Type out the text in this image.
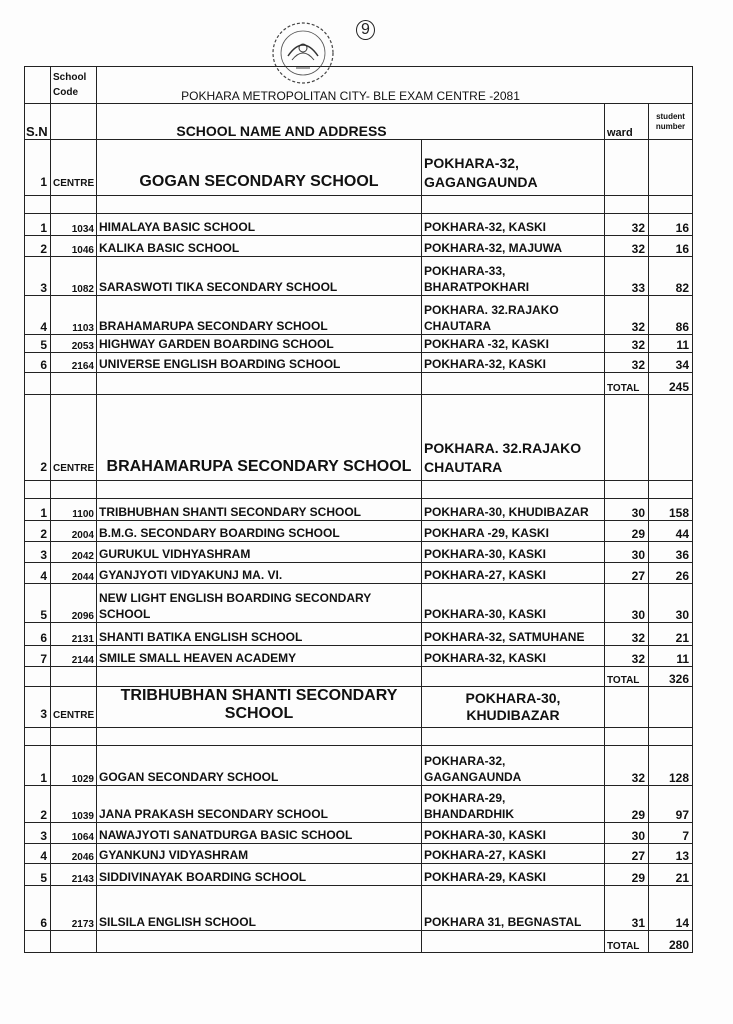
9
	School Code	POKHARA METROPOLITAN CITY- BLE EXAM CENTRE -2081			
S.N		SCHOOL NAME AND ADDRESS		ward	student number
1	CENTRE	GOGAN SECONDARY SCHOOL	POKHARA-32,
GAGANGAUNDA		

1	1034	HIMALAYA BASIC SCHOOL	POKHARA-32, KASKI	32	16
2	1046	KALIKA BASIC SCHOOL	POKHARA-32, MAJUWA	32	16
3	1082	SARASWOTI TIKA SECONDARY SCHOOL	POKHARA-33,
BHARATPOKHARI	33	82
4	1103	BRAHAMARUPA SECONDARY SCHOOL	POKHARA. 32.RAJAKO
CHAUTARA	32	86
5	2053	HIGHWAY GARDEN BOARDING SCHOOL	POKHARA -32, KASKI	32	11
6	2164	UNIVERSE ENGLISH BOARDING SCHOOL	POKHARA-32, KASKI	32	34
				TOTAL	245
2	CENTRE	BRAHAMARUPA SECONDARY SCHOOL	POKHARA. 32.RAJAKO
CHAUTARA		

1	1100	TRIBHUBHAN SHANTI SECONDARY SCHOOL	POKHARA-30, KHUDIBAZAR	30	158
2	2004	B.M.G. SECONDARY BOARDING SCHOOL	POKHARA -29, KASKI	29	44
3	2042	GURUKUL VIDHYASHRAM	POKHARA-30, KASKI	30	36
4	2044	GYANJYOTI VIDYAKUNJ MA. VI.	POKHARA-27, KASKI	27	26
5	2096	NEW LIGHT ENGLISH BOARDING SECONDARY
SCHOOL	POKHARA-30, KASKI	30	30
6	2131	SHANTI BATIKA ENGLISH SCHOOL	POKHARA-32, SATMUHANE	32	21
7	2144	SMILE SMALL HEAVEN ACADEMY	POKHARA-32, KASKI	32	11
				TOTAL	326
3	CENTRE	TRIBHUBHAN SHANTI SECONDARY SCHOOL	POKHARA-30,
KHUDIBAZAR		

1	1029	GOGAN SECONDARY SCHOOL	POKHARA-32,
GAGANGAUNDA	32	128
2	1039	JANA PRAKASH SECONDARY SCHOOL	POKHARA-29,
BHANDARDHIK	29	97
3	1064	NAWAJYOTI SANATDURGA BASIC SCHOOL	POKHARA-30, KASKI	30	7
4	2046	GYANKUNJ VIDYASHRAM	POKHARA-27, KASKI	27	13
5	2143	SIDDIVINAYAK BOARDING SCHOOL	POKHARA-29, KASKI	29	21
6	2173	SILSILA ENGLISH SCHOOL	POKHARA 31, BEGNASTAL	31	14
				TOTAL	280
